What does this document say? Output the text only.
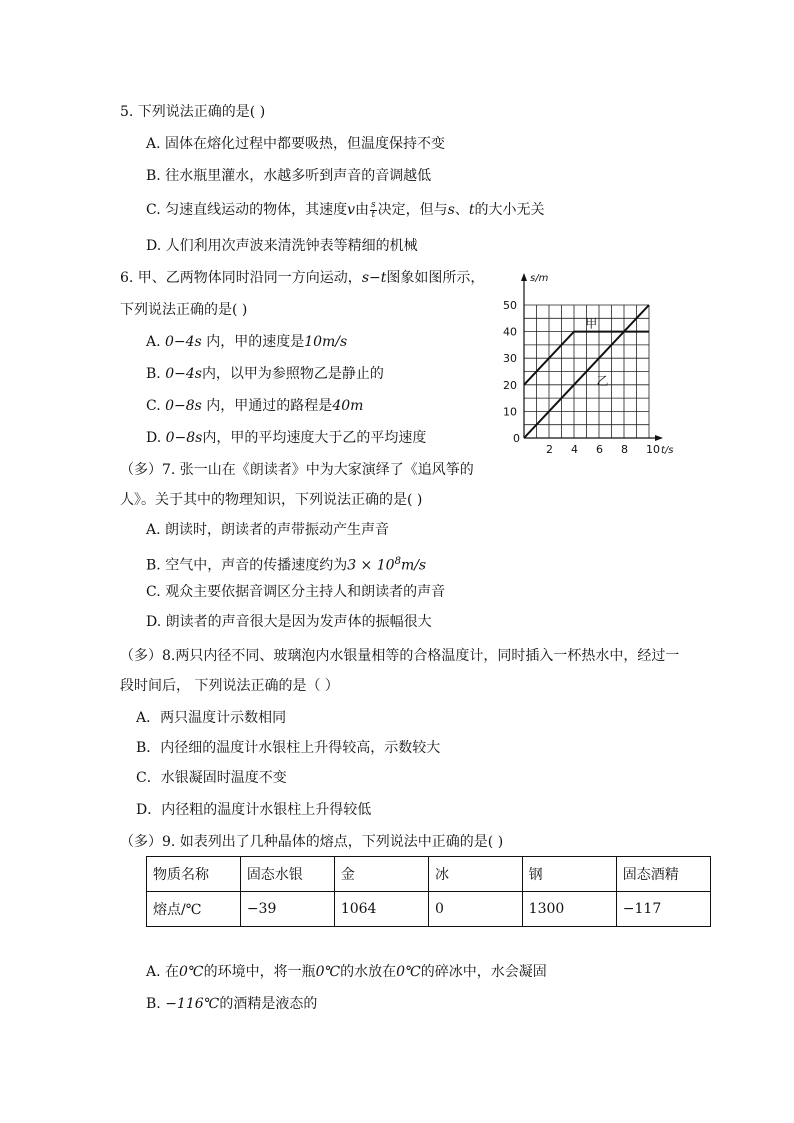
5. 下列说法正确的是( )
A. 固体在熔化过程中都要吸热，但温度保持不变
B. 往水瓶里灌水，水越多听到声音的音调越低
C. 匀速直线运动的物体，其速度v由 $\frac{s}{t}$ 决定，但与s、t的大小无关
D. 人们利用次声波来清洗钟表等精细的机械
6. 甲、乙两物体同时沿同一方向运动，s−t图象如图所示，
下列说法正确的是( )
A. 0−4s 内，甲的速度是10m/s
B. 0−4s内，以甲为参照物乙是静止的
C. 0−8s 内，甲通过的路程是40m
D. 0−8s内，甲的平均速度大于乙的平均速度
s/m
t/s
0
2 4 6 8 10
10
20
30
40
50
甲
乙
（多）7. 张一山在《朗读者》中为大家演绎了《追风筝的
人》。关于其中的物理知识，下列说法正确的是( )
A. 朗读时，朗读者的声带振动产生声音
B. 空气中，声音的传播速度约为$3 \times 10^8m/s$
C. 观众主要依据音调区分主持人和朗读者的声音
D. 朗读者的声音很大是因为发声体的振幅很大
（多）8.两只内径不同、玻璃泡内水银量相等的合格温度计，同时插入一杯热水中，经过一
段时间后， 下列说法正确的是（ ）
A．两只温度计示数相同
B．内径细的温度计水银柱上升得较高，示数较大
C．水银凝固时温度不变
D．内径粗的温度计水银柱上升得较低
（多）9. 如表列出了几种晶体的熔点，下列说法中正确的是( )
物质名称	固态水银	金	冰	钢	固态酒精
熔点/℃	−39	1064	0	1300	−117
A. 在0℃的环境中，将一瓶0℃的水放在0℃的碎冰中，水会凝固
B. −116℃的酒精是液态的
